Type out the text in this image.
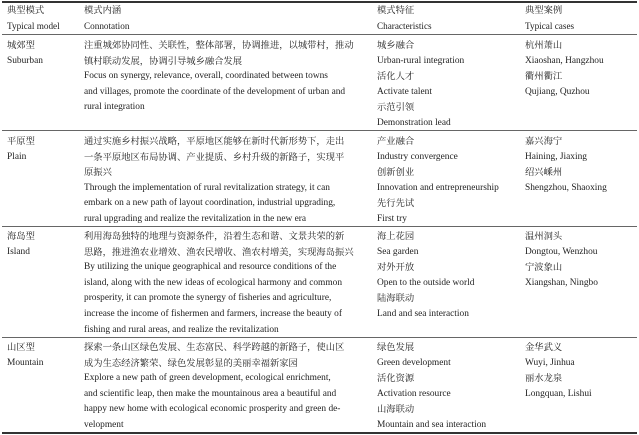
典型模式
Typical model
模式内涵
Connotation
模式特征
Characteristics
典型案例
Typical cases
城郊型
Suburban
注重城郊协同性、关联性，整体部署，协调推进，以城带村，推动
镇村联动发展，协调引导城乡融合发展
Focus on synergy, relevance, overall, coordinated between towns
and villages, promote the coordinate of the development of urban and
rural integration
城乡融合
Urban-rural integration
活化人才
Activate talent
示范引领
Demonstration lead
杭州萧山
Xiaoshan, Hangzhou
衢州衢江
Qujiang, Quzhou
平原型
Plain
通过实施乡村振兴战略，平原地区能够在新时代新形势下，走出
一条平原地区布局协调、产业提质、乡村升级的新路子，实现平
原振兴
Through the implementation of rural revitalization strategy, it can
embark on a new path of layout coordination, industrial upgrading,
rural upgrading and realize the revitalization in the new era
产业融合
Industry convergence
创新创业
Innovation and entrepreneurship
先行先试
First try
嘉兴海宁
Haining, Jiaxing
绍兴嵊州
Shengzhou, Shaoxing
海岛型
Island
利用海岛独特的地理与资源条件，沿着生态和谐、文景共荣的新
思路，推进渔农业增效、渔农民增收、渔农村增美，实现海岛振兴
By utilizing the unique geographical and resource conditions of the
island, along with the new ideas of ecological harmony and common
prosperity, it can promote the synergy of fisheries and agriculture,
increase the income of fishermen and farmers, increase the beauty of
fishing and rural areas, and realize the revitalization
海上花园
Sea garden
对外开放
Open to the outside world
陆海联动
Land and sea interaction
温州洞头
Dongtou, Wenzhou
宁波象山
Xiangshan, Ningbo
山区型
Mountain
探索一条山区绿色发展、生态富民、科学跨越的新路子，使山区
成为生态经济繁荣、绿色发展彰显的美丽幸福新家园
Explore a new path of green development, ecological enrichment,
and scientific leap, then make the mountainous area a beautiful and
happy new home with ecological economic prosperity and green de-
velopment
绿色发展
Green development
活化资源
Activation resource
山海联动
Mountain and sea interaction
金华武义
Wuyi, Jinhua
丽水龙泉
Longquan, Lishui
